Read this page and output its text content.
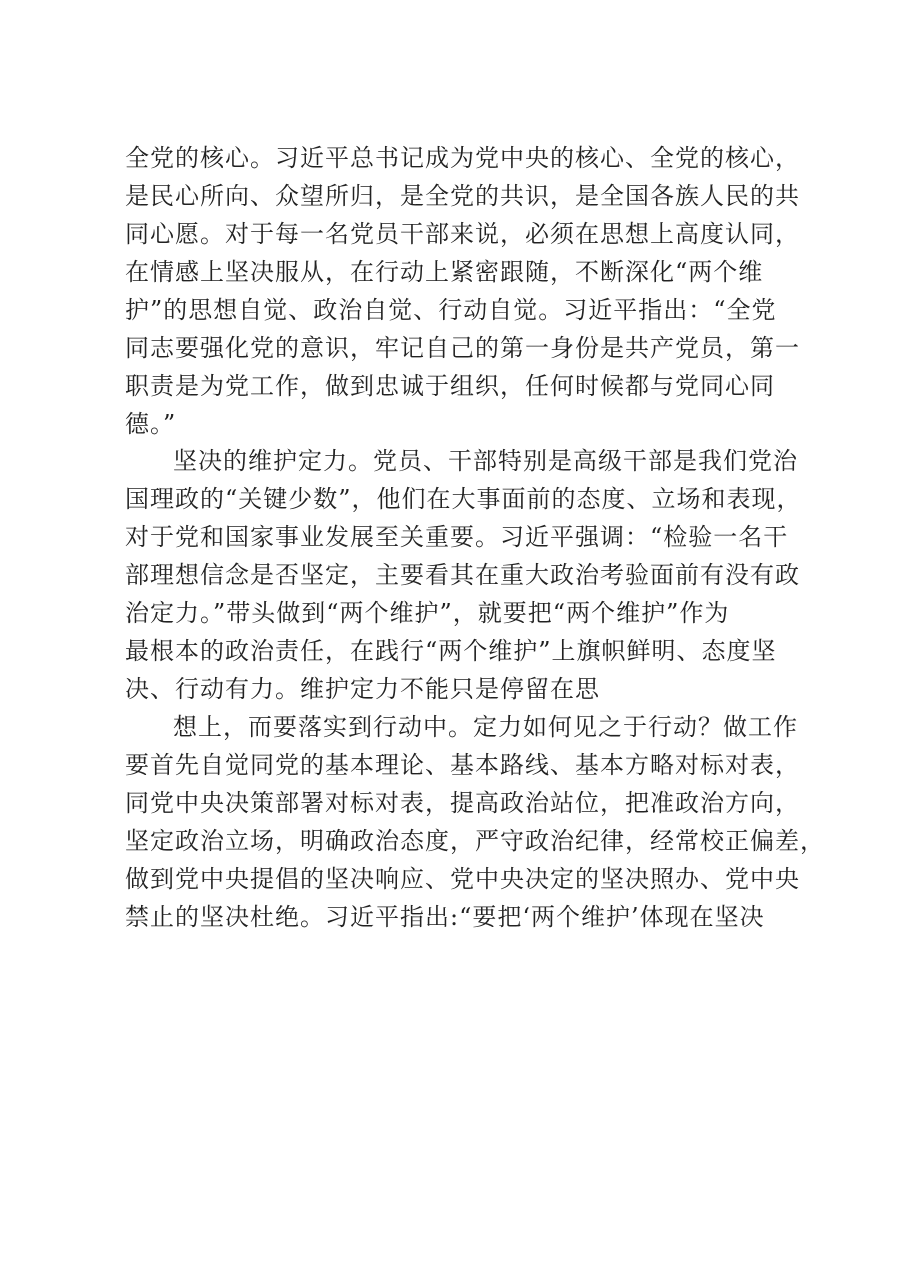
全党的核心。习近平总书记成为党中央的核心、全党的核心，
是民心所向、众望所归，是全党的共识，是全国各族人民的共
同心愿。对于每一名党员干部来说，必须在思想上高度认同，
在情感上坚决服从，在行动上紧密跟随，不断深化“两个维
护”的思想自觉、政治自觉、行动自觉。习近平指出：“全党
同志要强化党的意识，牢记自己的第一身份是共产党员，第一
职责是为党工作，做到忠诚于组织，任何时候都与党同心同
德。”
坚决的维护定力。党员、干部特别是高级干部是我们党治
国理政的“关键少数”，他们在大事面前的态度、立场和表现，
对于党和国家事业发展至关重要。习近平强调：“检验一名干
部理想信念是否坚定，主要看其在重大政治考验面前有没有政
治定力。”带头做到“两个维护”，就要把“两个维护”作为
最根本的政治责任，在践行“两个维护”上旗帜鲜明、态度坚
决、行动有力。维护定力不能只是停留在思
想上，而要落实到行动中。定力如何见之于行动？做工作
要首先自觉同党的基本理论、基本路线、基本方略对标对表，
同党中央决策部署对标对表，提高政治站位，把准政治方向，
坚定政治立场，明确政治态度，严守政治纪律，经常校正偏差，
做到党中央提倡的坚决响应、党中央决定的坚决照办、党中央
禁止的坚决杜绝。习近平指出:“要把‘两个维护’体现在坚决
